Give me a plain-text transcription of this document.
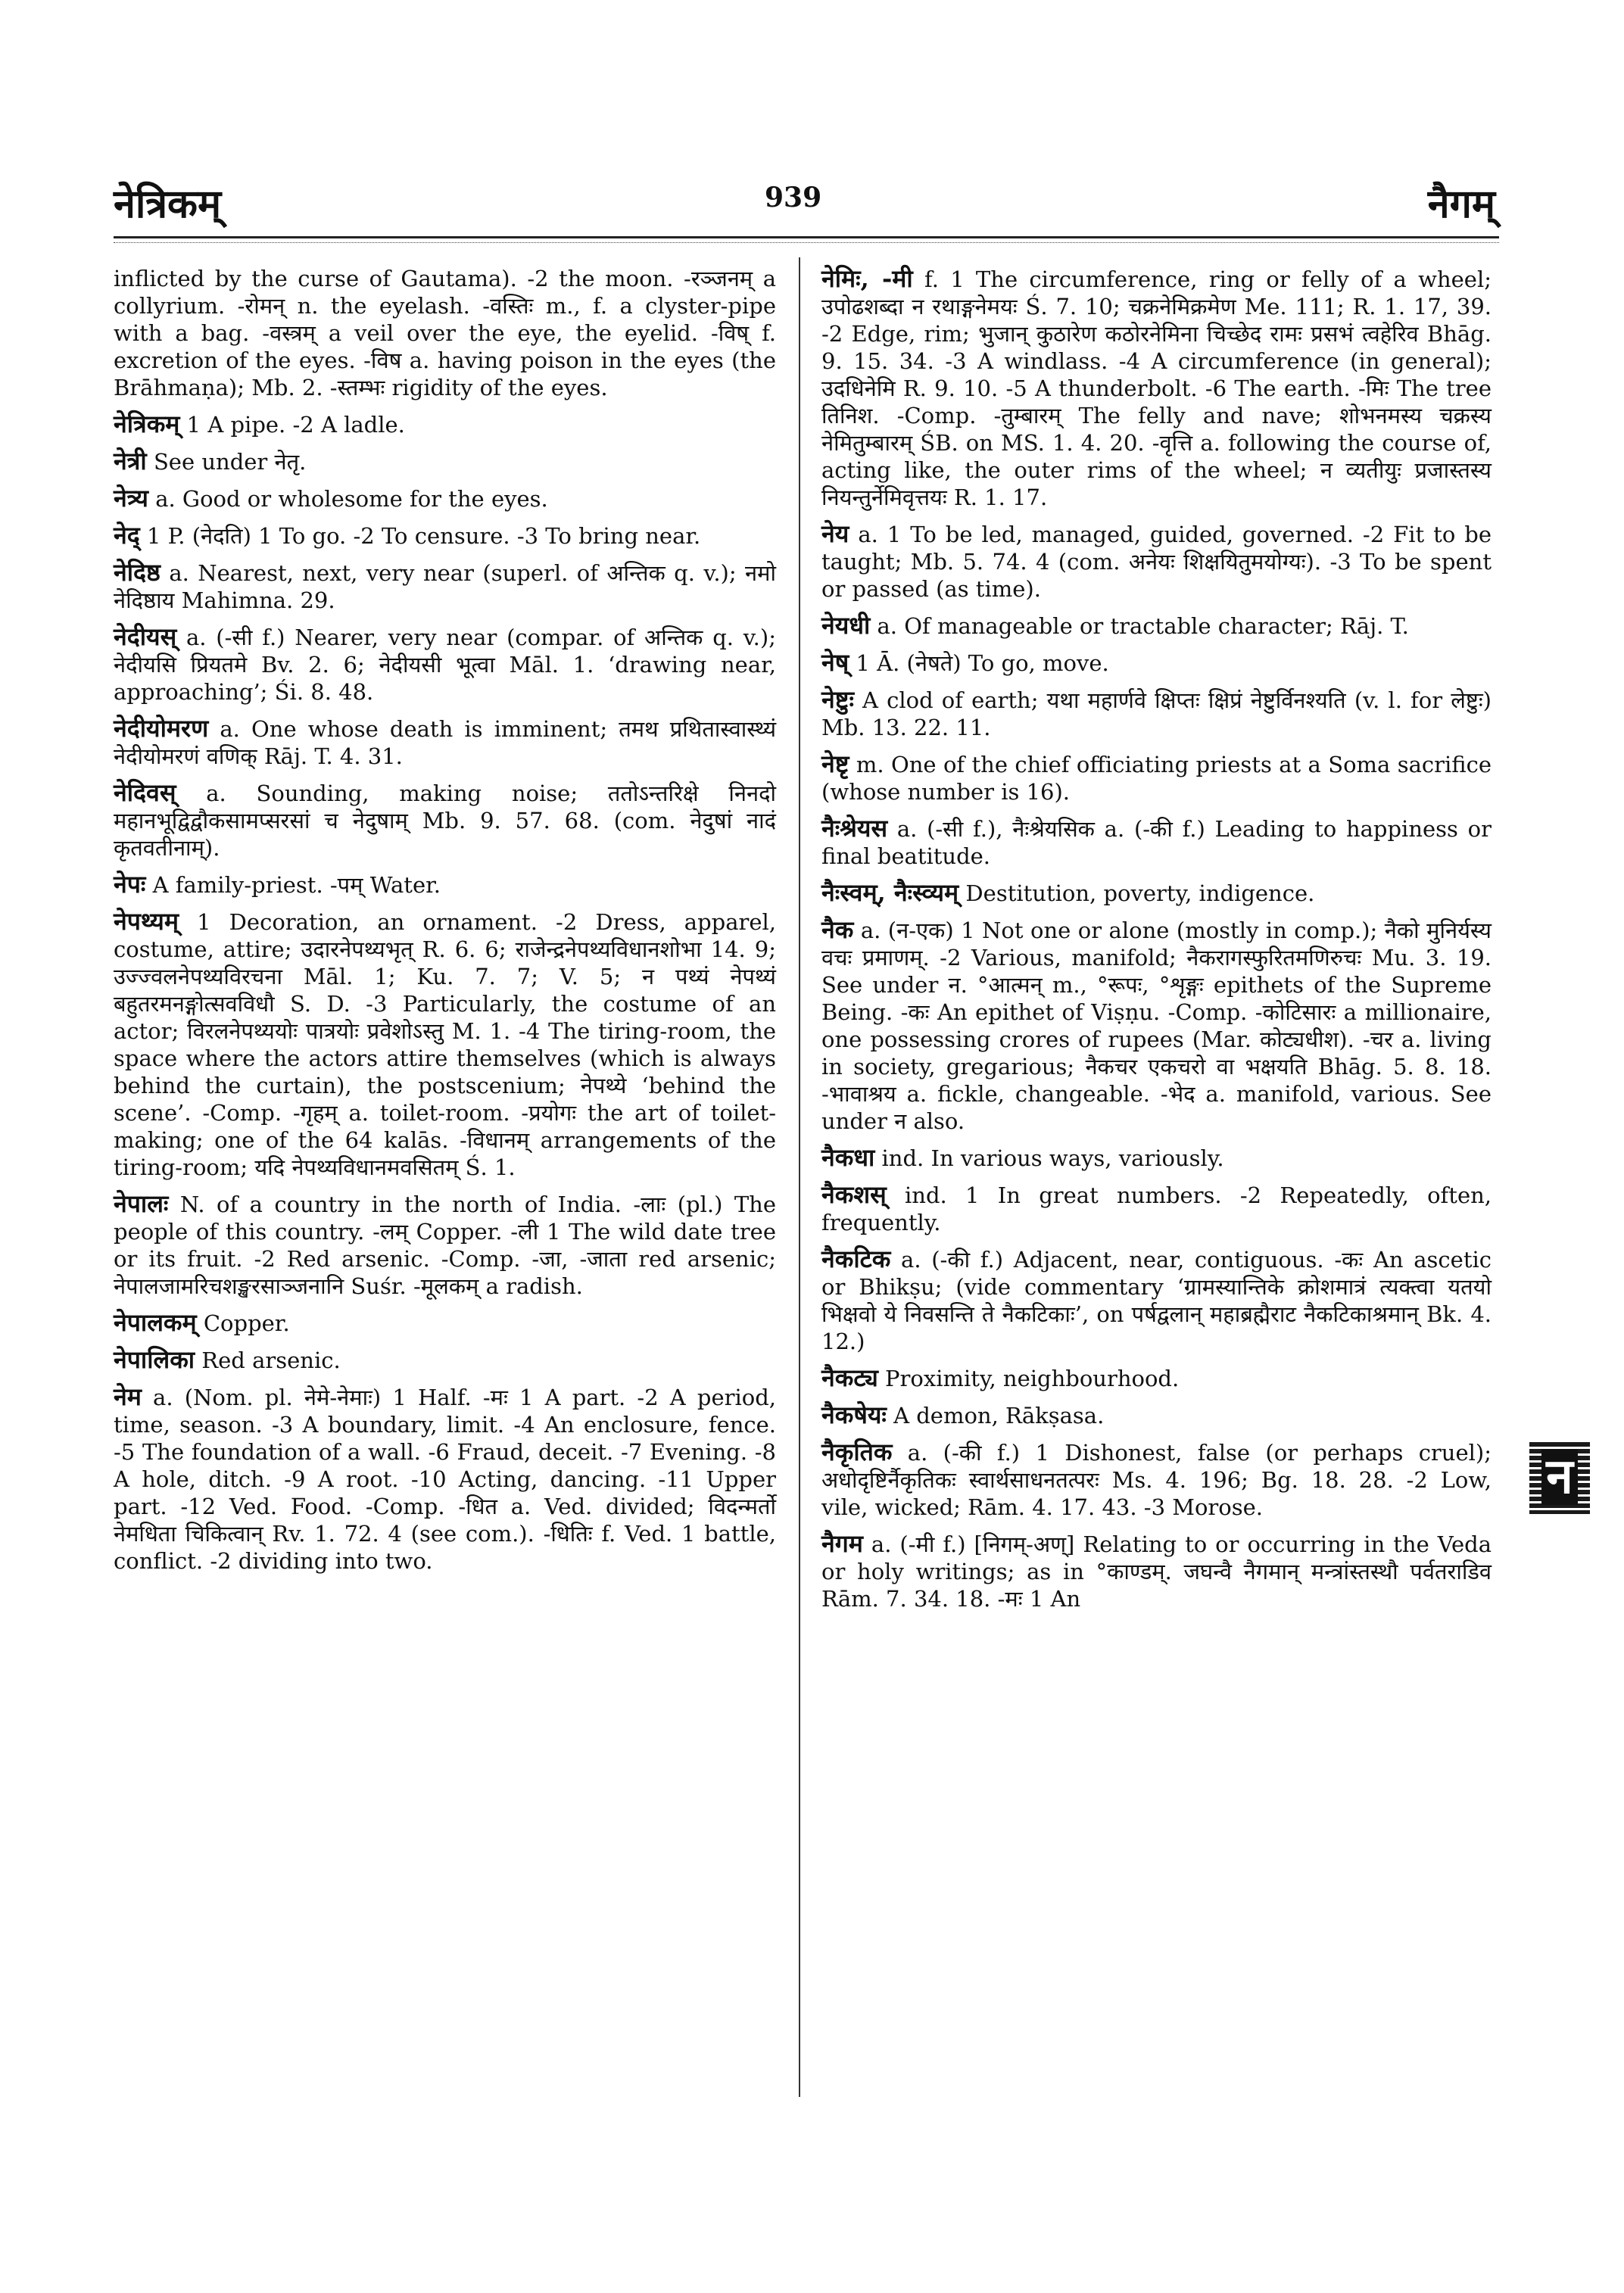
नेत्रिकम्	939	नैगम्
inflicted by the curse of Gautama). -2 the moon. -रञ्जनम् a collyrium. -रोमन् n. the eyelash. -वस्तिः m., f. a clyster-pipe with a bag. -वस्त्रम् a veil over the eye, the eyelid. -विष् f. excretion of the eyes. -विष a. having poison in the eyes (the Brāhmaṇa); Mb. 2. -स्तम्भः rigidity of the eyes.
नेत्रिकम् 1 A pipe. -2 A ladle.
नेत्री See under नेतृ.
नेत्र्य a. Good or wholesome for the eyes.
नेद् 1 P. (नेदति) 1 To go. -2 To censure. -3 To bring near.
नेदिष्ठ a. Nearest, next, very near (superl. of अन्तिक q. v.); नमो नेदिष्ठाय Mahimna. 29.
नेदीयस् a. (-सी f.) Nearer, very near (compar. of अन्तिक q. v.); नेदीयसि प्रियतमे Bv. 2. 6; नेदीयसी भूत्वा Māl. 1. ‘drawing near, approaching’; Śi. 8. 48.
नेदीयोमरण a. One whose death is imminent; तमथ प्रथितास्वास्थ्यं नेदीयोमरणं वणिक् Rāj. T. 4. 31.
नेदिवस् a. Sounding, making noise; ततोऽन्तरिक्षे निनदो महानभूद्विद्वौकसामप्सरसां च नेदुषाम् Mb. 9. 57. 68. (com. नेदुषां नादं कृतवतीनाम्).
नेपः A family-priest. -पम् Water.
नेपथ्यम् 1 Decoration, an ornament. -2 Dress, apparel, costume, attire; उदारनेपथ्यभृत् R. 6. 6; राजेन्द्रनेपथ्यविधानशोभा 14. 9; उज्ज्वलनेपथ्यविरचना Māl. 1; Ku. 7. 7; V. 5; न पथ्यं नेपथ्यं बहुतरमनङ्गोत्सवविधौ S. D. -3 Particularly, the costume of an actor; विरलनेपथ्ययोः पात्रयोः प्रवेशोऽस्तु M. 1. -4 The tiring-room, the space where the actors attire themselves (which is always behind the curtain), the postscenium; नेपथ्ये ‘behind the scene’. -Comp. -गृहम् a. toilet-room. -प्रयोगः the art of toilet-making; one of the 64 kalās. -विधानम् arrangements of the tiring-room; यदि नेपथ्यविधानमवसितम् Ś. 1.
नेपालः N. of a country in the north of India. -लाः (pl.) The people of this country. -लम् Copper. -ली 1 The wild date tree or its fruit. -2 Red arsenic. -Comp. -जा, -जाता red arsenic; नेपालजामरिचशङ्खरसाञ्जनानि Suśr. -मूलकम् a radish.
नेपालकम् Copper.
नेपालिका Red arsenic.
नेम a. (Nom. pl. नेमे-नेमाः) 1 Half. -मः 1 A part. -2 A period, time, season. -3 A boundary, limit. -4 An enclosure, fence. -5 The foundation of a wall. -6 Fraud, deceit. -7 Evening. -8 A hole, ditch. -9 A root. -10 Acting, dancing. -11 Upper part. -12 Ved. Food. -Comp. -धित a. Ved. divided; विदन्मर्तो नेमधिता चिकित्वान् Rv. 1. 72. 4 (see com.). -धितिः f. Ved. 1 battle, conflict. -2 dividing into two.
नेमिः, -मी f. 1 The circumference, ring or felly of a wheel; उपोढशब्दा न रथाङ्गनेमयः Ś. 7. 10; चक्रनेमिक्रमेण Me. 111; R. 1. 17, 39. -2 Edge, rim; भुजान् कुठारेण कठोरनेमिना चिच्छेद रामः प्रसभं त्वहेरिव Bhāg. 9. 15. 34. -3 A windlass. -4 A circumference (in general); उदधिनेमि R. 9. 10. -5 A thunderbolt. -6 The earth. -मिः The tree तिनिश. -Comp. -तुम्बारम् The felly and nave; शोभनमस्य चक्रस्य नेमितुम्बारम् ŚB. on MS. 1. 4. 20. -वृत्ति a. following the course of, acting like, the outer rims of the wheel; न व्यतीयुः प्रजास्तस्य नियन्तुर्नेमिवृत्तयः R. 1. 17.
नेय a. 1 To be led, managed, guided, governed. -2 Fit to be taught; Mb. 5. 74. 4 (com. अनेयः शिक्षयितुमयोग्यः). -3 To be spent or passed (as time).
नेयधी a. Of manageable or tractable character; Rāj. T.
नेष् 1 Ā. (नेषते) To go, move.
नेष्टुः A clod of earth; यथा महार्णवे क्षिप्तः क्षिप्रं नेष्टुर्विनश्यति (v. l. for लेष्टुः) Mb. 13. 22. 11.
नेष्टृ m. One of the chief officiating priests at a Soma sacrifice (whose number is 16).
नैःश्रेयस a. (-सी f.), नैःश्रेयसिक a. (-की f.) Leading to happiness or final beatitude.
नैःस्वम्, नैःस्व्यम् Destitution, poverty, indigence.
नैक a. (न-एक) 1 Not one or alone (mostly in comp.); नैको मुनिर्यस्य वचः प्रमाणम्. -2 Various, manifold; नैकरागस्फुरितमणिरुचः Mu. 3. 19. See under न. °आत्मन् m., °रूपः, °शृङ्गः epithets of the Supreme Being. -कः An epithet of Viṣṇu. -Comp. -कोटिसारः a millionaire, one possessing crores of rupees (Mar. कोट्यधीश). -चर a. living in society, gregarious; नैकचर एकचरो वा भक्षयति Bhāg. 5. 8. 18. -भावाश्रय a. fickle, changeable. -भेद a. manifold, various. See under न also.
नैकधा ind. In various ways, variously.
नैकशस् ind. 1 In great numbers. -2 Repeatedly, often, frequently.
नैकटिक a. (-की f.) Adjacent, near, contiguous. -कः An ascetic or Bhikṣu; (vide commentary ‘ग्रामस्यान्तिके क्रोशमात्रं त्यक्त्वा यतयो भिक्षवो ये निवसन्ति ते नैकटिकाः’, on पर्षद्वलान् महाब्रह्मैराट नैकटिकाश्रमान् Bk. 4. 12.)
नैकट्य Proximity, neighbourhood.
नैकषेयः A demon, Rākṣasa.
नैकृतिक a. (-की f.) 1 Dishonest, false (or perhaps cruel); अधोदृष्टिर्नैकृतिकः स्वार्थसाधनतत्परः Ms. 4. 196; Bg. 18. 28. -2 Low, vile, wicked; Rām. 4. 17. 43. -3 Morose.
नैगम a. (-मी f.) [निगम्-अण्] Relating to or occurring in the Veda or holy writings; as in °काण्डम्. जघन्वै नैगमान् मन्त्रांस्तस्थौ पर्वतराडिव Rām. 7. 34. 18. -मः 1 An
न
